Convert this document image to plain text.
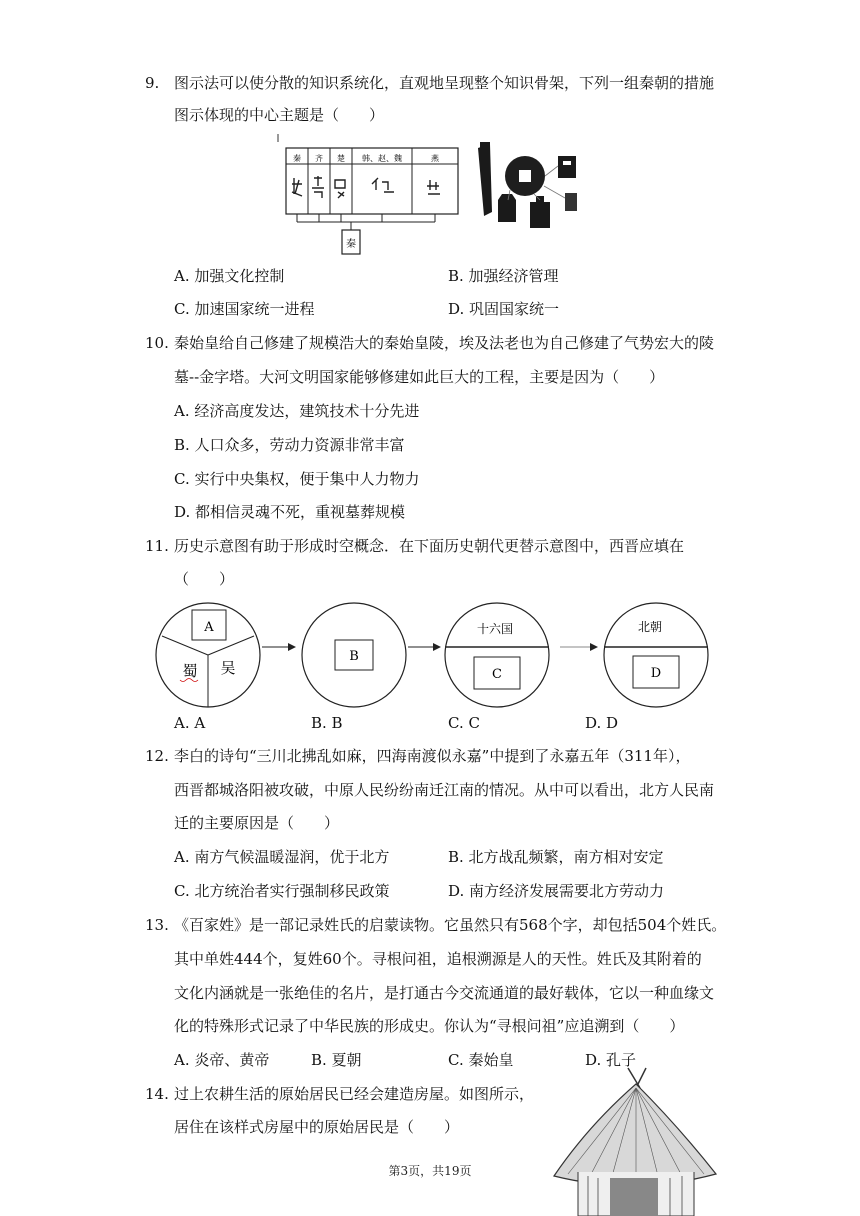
9. 图示法可以使分散的知识系统化，直观地呈现整个知识骨架，下列一组秦朝的措施
图示体现的中心主题是（　　）
秦 齐 楚 韩、赵、魏	燕
秦
A. 加强文化控制	B. 加强经济管理
C. 加速国家统一进程	D. 巩固国家统一
10. 秦始皇给自己修建了规模浩大的秦始皇陵，埃及法老也为自己修建了气势宏大的陵
墓--金字塔。大河文明国家能够修建如此巨大的工程，主要是因为（　　）
A. 经济高度发达，建筑技术十分先进
B. 人口众多，劳动力资源非常丰富
C. 实行中央集权，便于集中人力物力
D. 都相信灵魂不死，重视墓葬规模
11. 历史示意图有助于形成时空概念．在下面历史朝代更替示意图中，西晋应填在
（　　）
A
蜀 吴
B
十六国
C
北朝
D
A. A	B. B	C. C	D. D
12. 李白的诗句“三川北拂乱如麻，四海南渡似永嘉”中提到了永嘉五年（311年），
西晋都城洛阳被攻破，中原人民纷纷南迁江南的情况。从中可以看出，北方人民南
迁的主要原因是（　　）
A. 南方气候温暖湿润，优于北方	B. 北方战乱频繁，南方相对安定
C. 北方统治者实行强制移民政策	D. 南方经济发展需要北方劳动力
13. 《百家姓》是一部记录姓氏的启蒙读物。它虽然只有568个字，却包括504个姓氏。
其中单姓444个，复姓60个。寻根问祖，追根溯源是人的天性。姓氏及其附着的
文化内涵就是一张绝佳的名片，是打通古今交流通道的最好载体，它以一种血缘文
化的特殊形式记录了中华民族的形成史。你认为“寻根问祖”应追溯到（　　）
A. 炎帝、黄帝	B. 夏朝	C. 秦始皇	D. 孔子
14. 过上农耕生活的原始居民已经会建造房屋。如图所示，
居住在该样式房屋中的原始居民是（　　）
第3页，共19页
